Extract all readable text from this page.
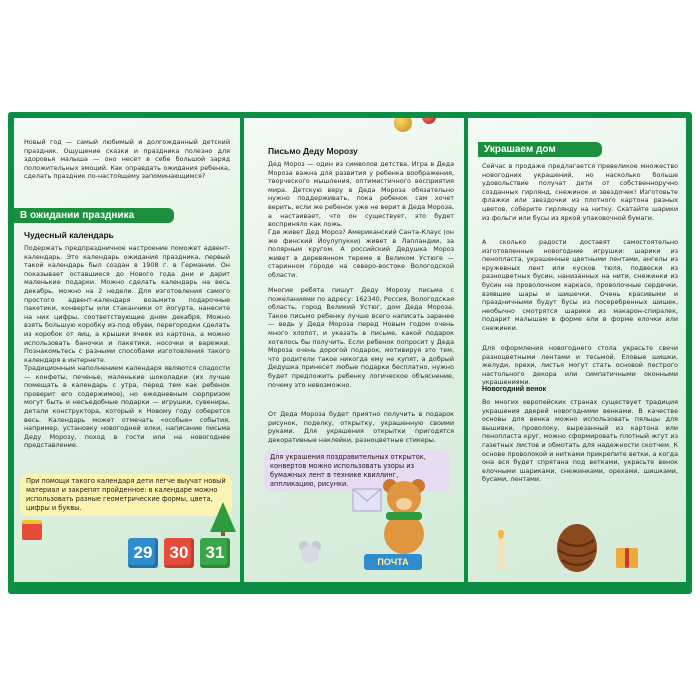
Новый год — самый любимый и долгожданный детский праздник. Ощущение сказки и праздника полезно для здоровья малыша — оно несет в себе большой заряд положительных эмоций. Как оправдать ожидания ребенка, сделать праздник по-настоящему запоминающимся?
В ожидании праздника
Чудесный календарь
Подержать предпраздничное настроение поможет адвент-календарь. Это календарь ожидания праздника, первый такой календарь был создан в 1908 г. в Германии. Он показывает оставшиеся до Нового года дни и дарит маленькие подарки. Можно сделать календарь на весь декабрь, можно на 2 недели. Для изготовления самого простого адвент-календаря возьмите подарочные пакетики, конверты или стаканчики от йогурта, нанесите на них цифры, соответствующие дням декабря. Можно взять большую коробку из-под обуви, перегородки сделать из коробок от яиц, а крышки ячеек из картона, а можно использовать баночки и пакетики, носочки и варежки. Познакомьтесь с разными способами изготовления такого календаря в интернете.
Традиционным наполнением календаря являются сладости — конфеты, печенье, маленькие шоколадки (их лучше помещать в календарь с утра, перед тем как ребенок проверит его содержимое), но ежедневным сюрпризом могут быть и несъедобные подарки — игрушки, сувениры, детали конструктора, который к Новому году соберется весь. Календарь может отмечать «особые» события, например, установку новогодней елки, написание письма Деду Морозу, поход в гости или на новогоднее представление.
При помощи такого календаря дети легче выучат новый материал и закрепят пройденное: в календаре можно использовать разные геометрические формы, цвета, цифры и буквы.
29	30	31
Письмо Деду Морозу
Дед Мороз — один из символов детства. Игра в Деда Мороза важна для развития у ребенка воображения, творческого мышления, оптимистичного восприятия мира. Детскую веру в Деда Мороза обязательно нужно поддерживать, пока ребенок сам хочет верить, если же ребенок уже не верит в Деда Мороза, а настаивает, что он существует, это будет восприняло как ложь.
Где живет Дед Мороз? Американский Санта-Клаус (он же финский Йоулупукки) живет в Лапландии, за полярным кругом. А российский Дедушка Мороз живет в деревянном тереме в Великом Устюге — старинном городе на северо-востоке Вологодской области.
Многие ребята пишут Деду Морозу письма с пожеланиями по адресу: 162340, Россия, Вологодская область, город Великий Устюг, дом Деда Мороза. Такое письмо ребенку лучше всего написать заранее — ведь у Деда Мороза перед Новым годом очень много хлопот, и указать в письме, какой подарок хотелось бы получить. Если ребенок попросит у Деда Мороза очень дорогой подарок, мотивируя это тем, что родители такое никогда ему не купят, а добрый Дедушка принесет любые подарки бесплатно, нужно будет предложить ребенку логическое объяснение, почему это невозможно.
От Деда Мороза будет приятно получить в подарок рисунок, поделку, открытку, украшенную своими руками. Для украшения открытки пригодятся декоративные наклейки, разноцветные стикеры.
Для украшения поздравительных открыток, конвертов можно использовать узоры из бумажных лент в технике квиллинг, аппликацию, рисунки.
ПОЧТА
Украшаем дом
Сейчас в продаже предлагается превеликое множество новогодних украшений, но насколько больше удовольствие получат дети от собственноручно созданных гирлянд, снежинок и звездочек! Изготовьте флажки или звездочки из плотного картона разных цветов, соберите гирлянду на нитку. Скатайте шарики из фольги или бусы из яркой упаковочной бумаги.
А сколько радости доставят самостоятельно изготовленные новогодние игрушки: шарики из пенопласта, украшенные цветными лентами, ангелы из кружевных лент или кусков тюля, подвески из разноцветных бусин, нанизанных на нити, снежинки из бусин на проволочном каркасе, проволочные сердечки, взявшие шары и шишечки. Очень красивыми и праздничными будут бусы из посеребренных шишек, необычно смотрятся шарики из макарон-спиралек, подарит малышам в форме ели в форме елочки или снежинки.
Для оформления новогоднего стола украсьте свечи разноцветными лентами и тесьмой. Еловые шишки, желуди, орехи, листья могут стать основой пестрого настольного декора или симпатичными оконными украшениями.
Новогодний венок
Во многих европейских странах существует традиция украшения дверей новогодними венками. В качестве основы для венка можно использовать пяльцы для вышивки, проволоку, вырезанный из картона или пенопласта круг, можно сформировать плотный жгут из газетных листов и обмотать для надежности скотчем. К основе проволокой и нитками прикрепите ветки, а когда она вся будет спрятана под ветками, украсьте венок елочными шариками, снежинками, орехами, шишками, бусами, лентами.
